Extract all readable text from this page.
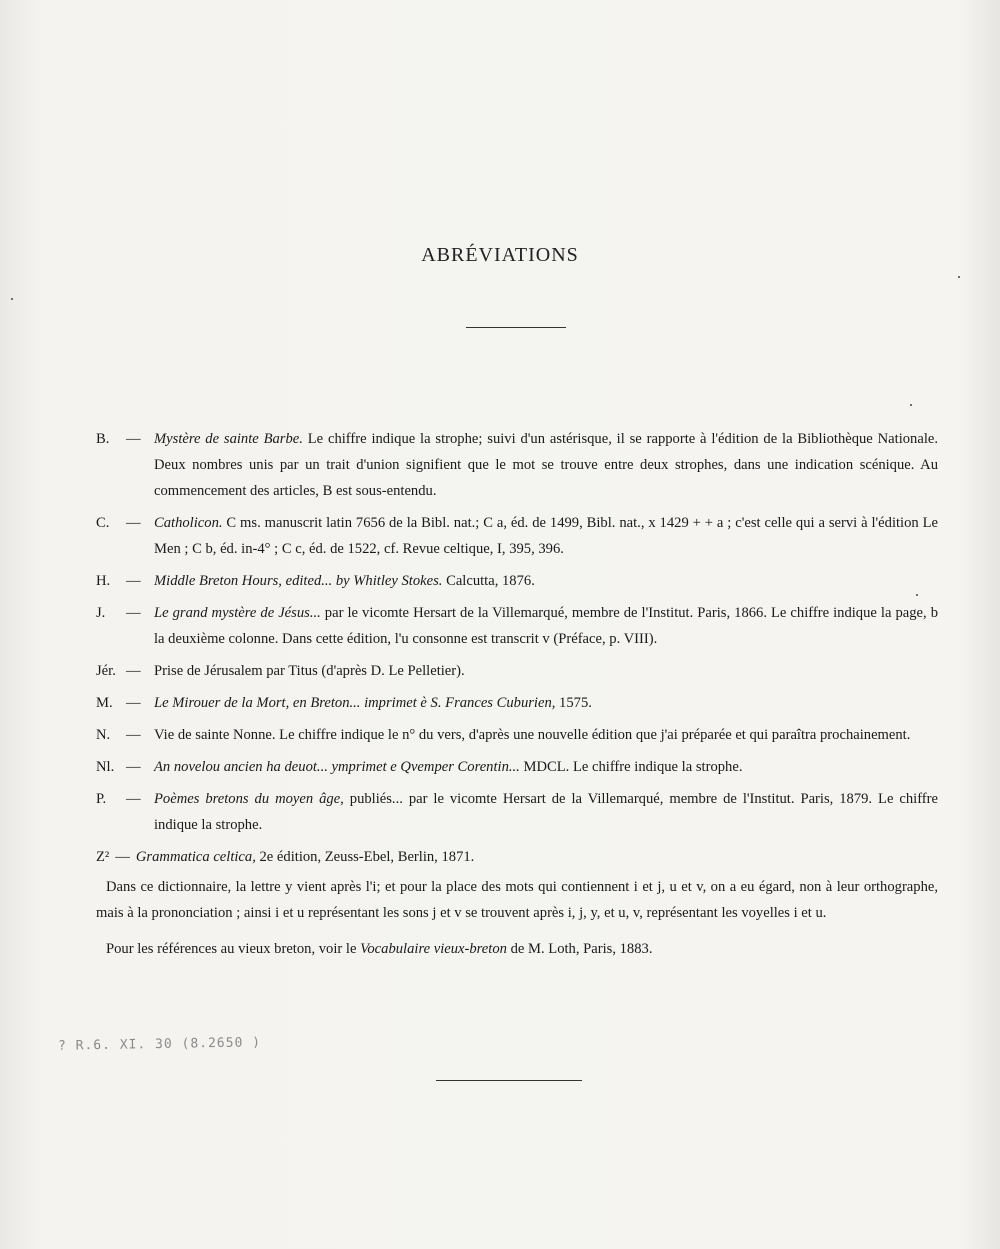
ABRÉVIATIONS
B.	— Mystère de sainte Barbe. Le chiffre indique la strophe; suivi d'un astérisque, il se rapporte à l'édition de la Bibliothèque Nationale. Deux nombres unis par un trait d'union signifient que le mot se trouve entre deux strophes, dans une indication scénique. Au commencement des articles, B est sous-entendu.
C.	— Catholicon. C ms. manuscrit latin 7656 de la Bibl. nat.; C a, éd. de 1499, Bibl. nat., x 1429 + + a ; c'est celle qui a servi à l'édition Le Men ; C b, éd. in-4° ; C c, éd. de 1522, cf. Revue celtique, I, 395, 396.
H.	— Middle Breton Hours, edited... by Whitley Stokes. Calcutta, 1876.
J.	— Le grand mystère de Jésus... par le vicomte Hersart de la Villemarqué, membre de l'Institut. Paris, 1866. Le chiffre indique la page, b la deuxième colonne. Dans cette édition, l'u consonne est transcrit v (Préface, p. VIII).
Jér. — Prise de Jérusalem par Titus (d'après D. Le Pelletier).
M. — Le Mirouer de la Mort, en Breton... imprimet è S. Frances Cuburien, 1575.
N.	— Vie de sainte Nonne. Le chiffre indique le n° du vers, d'après une nouvelle édition que j'ai préparée et qui paraîtra prochainement.
Nl. — An novelou ancien ha deuot... ymprimet e Qvemper Corentin... MDCL. Le chiffre indique la strophe.
P.	— Poèmes bretons du moyen âge, publiés... par le vicomte Hersart de la Villemarqué, membre de l'Institut. Paris, 1879. Le chiffre indique la strophe.
Z² — Grammatica celtica, 2e édition, Zeuss-Ebel, Berlin, 1871.

Dans ce dictionnaire, la lettre y vient après l'i; et pour la place des mots qui contiennent i et j, u et v, on a eu égard, non à leur orthographe, mais à la prononciation ; ainsi i et u représentant les sons j et v se trouvent après i, j, y, et u, v, représentant les voyelles i et u.

Pour les références au vieux breton, voir le Vocabulaire vieux-breton de M. Loth, Paris, 1883.

? R.6. XI. 30 (8.2650 )
